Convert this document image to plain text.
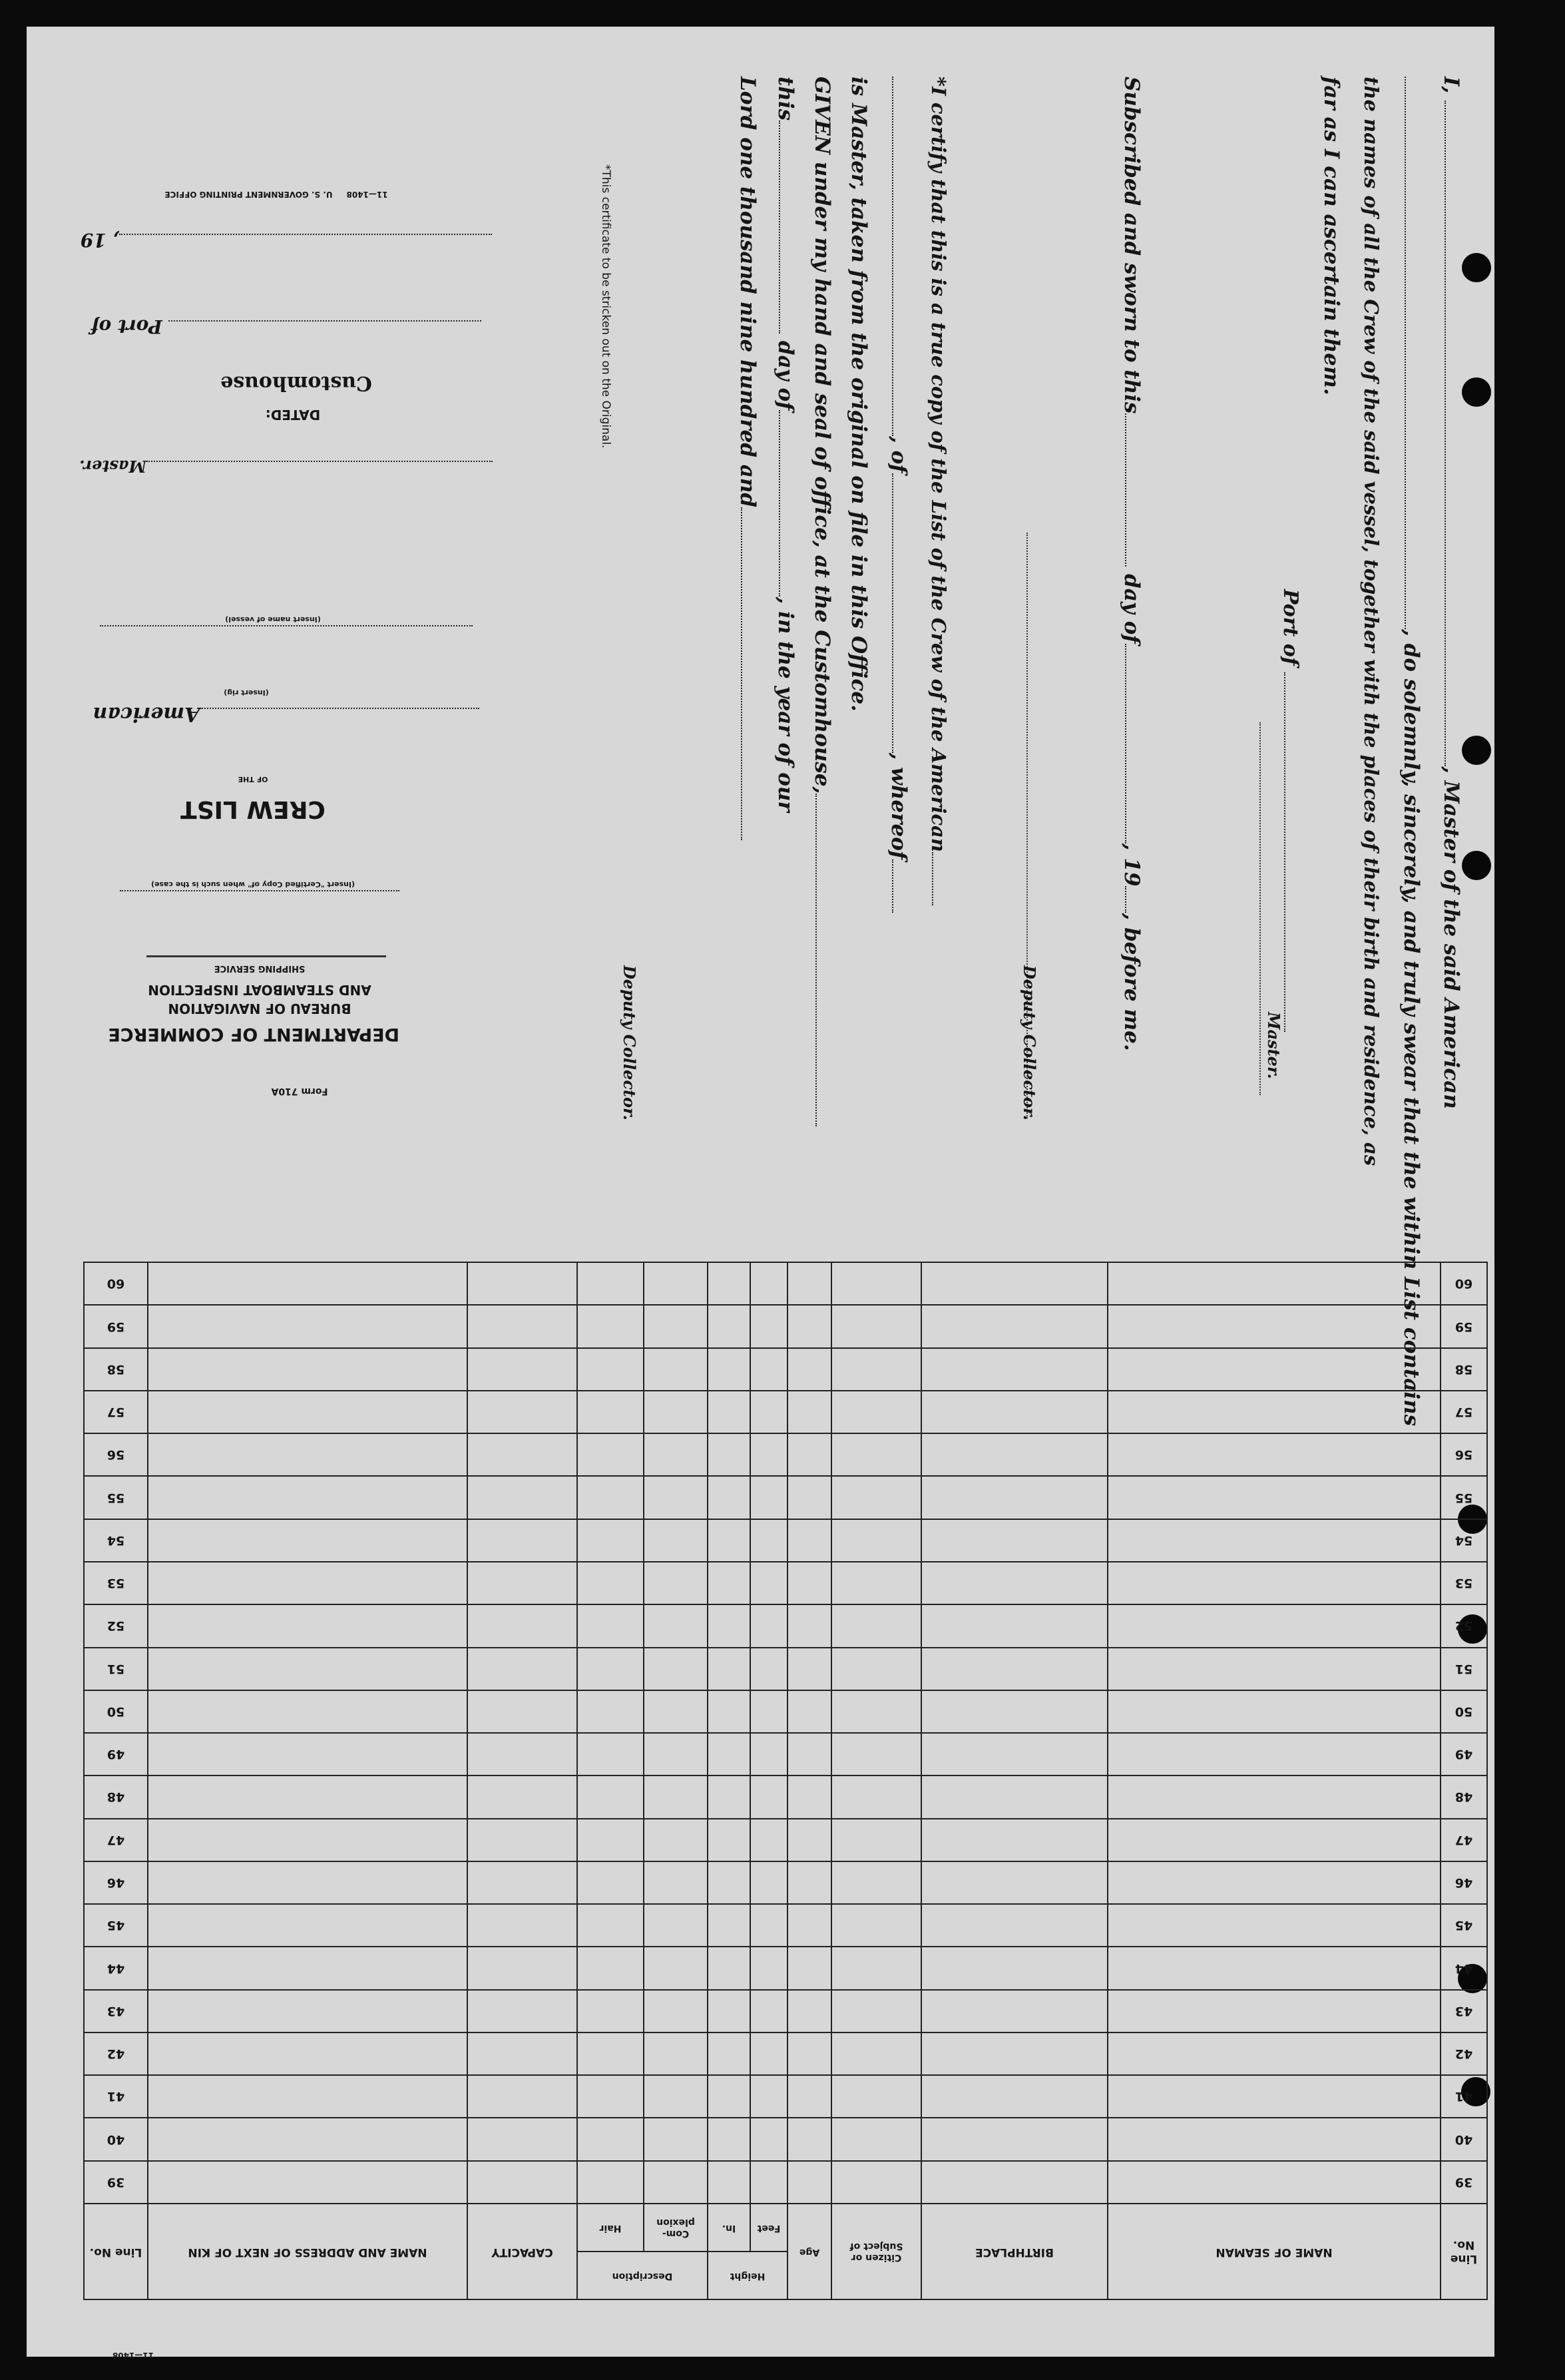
I, , Master of the said American
, do solemnly, sincerely, and truly swear that the within List contains
the names of all the Crew of the said vessel, together with the places of their birth and residence, as
far as I can ascertain them.
Master.
Port of
Subscribed and sworn to this day of, 19, before me.
Deputy Collector.
*I certify that this is a true copy of the List of the Crew of the American
, of, whereof
is Master, taken from the original on file in this Office.
GIVEN under my hand and seal of office, at the Customhouse,
this day of, in the year of our
Lord one thousand nine hundred and
Deputy Collector.
*This certificate to be stricken out on the Original.
11—1408     U. S. GOVERNMENT PRINTING OFFICE
, 19
Port of
Customhouse
DATED:
Master.
(Insert name of vessel)
(Insert rig)
American
OF THE
CREW LIST
(Insert "Certified Copy of" when such is the case)
SHIPPING SERVICE
BUREAU OF NAVIGATION
AND STEAMBOAT INSPECTION
DEPARTMENT OF COMMERCE
Form 710A
Line No.	NAME OF SEAMAN	BIRTHPLACE	Citizen or Subject of	Age	Height		Description		CAPACITY	NAME AND ADDRESS OF NEXT OF KIN	Line No.
					Feet	In.	Com-plexion	Hair			
39											39
40											40
41											41
42											42
43											43
44											44
45											45
46											46
47											47
48											48
49											49
50											50
51											51
52											52
53											53
54											54
55											55
56											56
57											57
58											58
59											59
60											60
11—1408
